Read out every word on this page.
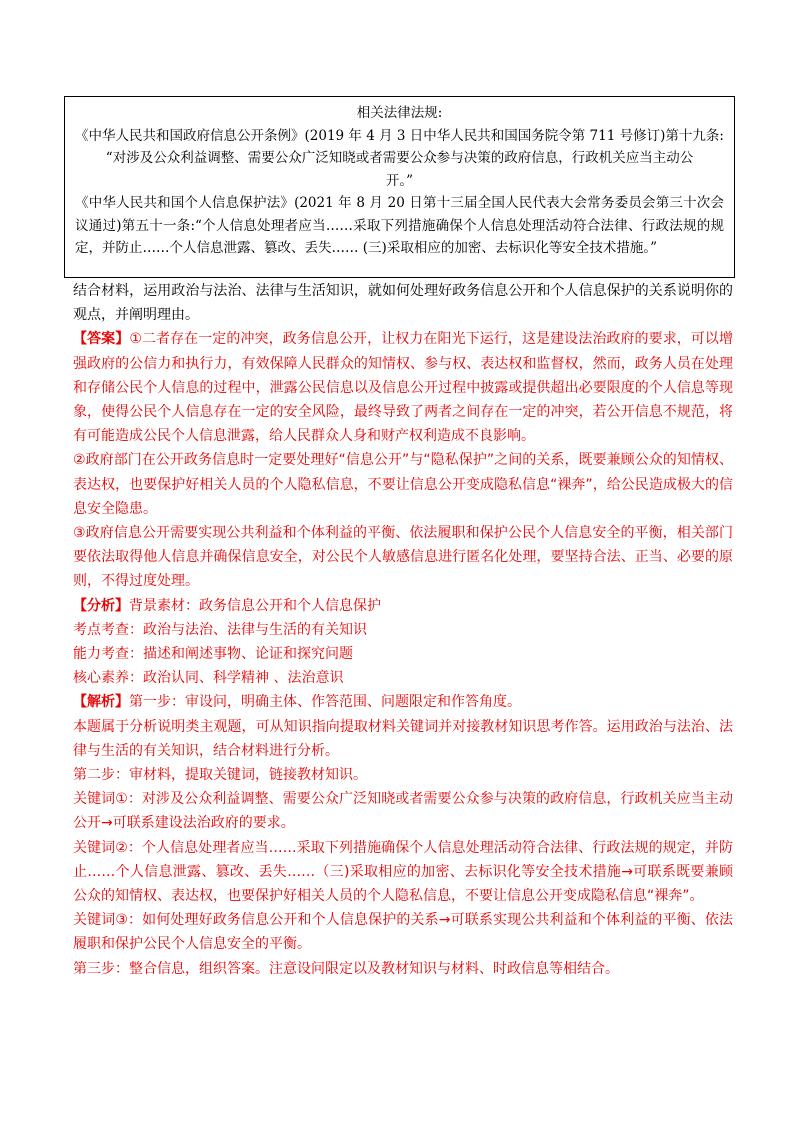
相关法律法规:

《中华人民共和国政府信息公开条例》(2019 年 4 月 3 日中华人民共和国国务院令第 711 号修订)第十九条:

“对涉及公众利益调整、需要公众广泛知晓或者需要公众参与决策的政府信息，行政机关应当主动公
开。”

《中华人民共和国个人信息保护法》(2021 年 8 月 20 日第十三届全国人民代表大会常务委员会第三十次会议通过)第五十一条:“个人信息处理者应当……采取下列措施确保个人信息处理活动符合法律、行政法规的规定，并防止……个人信息泄露、篡改、丢失…… (三)采取相应的加密、去标识化等安全技术措施。”

结合材料，运用政治与法治、法律与生活知识，就如何处理好政务信息公开和个人信息保护的关系说明你的观点，并阐明理由。

【答案】①二者存在一定的冲突，政务信息公开，让权力在阳光下运行，这是建设法治政府的要求，可以增强政府的公信力和执行力，有效保障人民群众的知情权、参与权、表达权和监督权，然而，政务人员在处理和存储公民个人信息的过程中，泄露公民信息以及信息公开过程中披露或提供超出必要限度的个人信息等现象，使得公民个人信息存在一定的安全风险，最终导致了两者之间存在一定的冲突，若公开信息不规范，将有可能造成公民个人信息泄露，给人民群众人身和财产权利造成不良影响。

②政府部门在公开政务信息时一定要处理好“信息公开”与“隐私保护”之间的关系，既要兼顾公众的知情权、表达权，也要保护好相关人员的个人隐私信息，不要让信息公开变成隐私信息“裸奔”，给公民造成极大的信息安全隐患。

③政府信息公开需要实现公共利益和个体利益的平衡、依法履职和保护公民个人信息安全的平衡，相关部门要依法取得他人信息并确保信息安全，对公民个人敏感信息进行匿名化处理，要坚持合法、正当、必要的原则，不得过度处理。

【分析】背景素材：政务信息公开和个人信息保护

考点考查：政治与法治、法律与生活的有关知识

能力考查：描述和阐述事物、论证和探究问题

核心素养：政治认同、科学精神 、法治意识

【解析】第一步：审设问，明确主体、作答范围、问题限定和作答角度。

本题属于分析说明类主观题，可从知识指向提取材料关键词并对接教材知识思考作答。运用政治与法治、法律与生活的有关知识，结合材料进行分析。

第二步：审材料，提取关键词，链接教材知识。

关键词①：对涉及公众利益调整、需要公众广泛知晓或者需要公众参与决策的政府信息，行政机关应当主动公开→可联系建设法治政府的要求。

关键词②：个人信息处理者应当……采取下列措施确保个人信息处理活动符合法律、行政法规的规定，并防止……个人信息泄露、篡改、丢失……（三)采取相应的加密、去标识化等安全技术措施→可联系既要兼顾公众的知情权、表达权，也要保护好相关人员的个人隐私信息，不要让信息公开变成隐私信息“裸奔”。

关键词③：如何处理好政务信息公开和个人信息保护的关系→可联系实现公共利益和个体利益的平衡、依法履职和保护公民个人信息安全的平衡。

第三步：整合信息，组织答案。注意设问限定以及教材知识与材料、时政信息等相结合。
